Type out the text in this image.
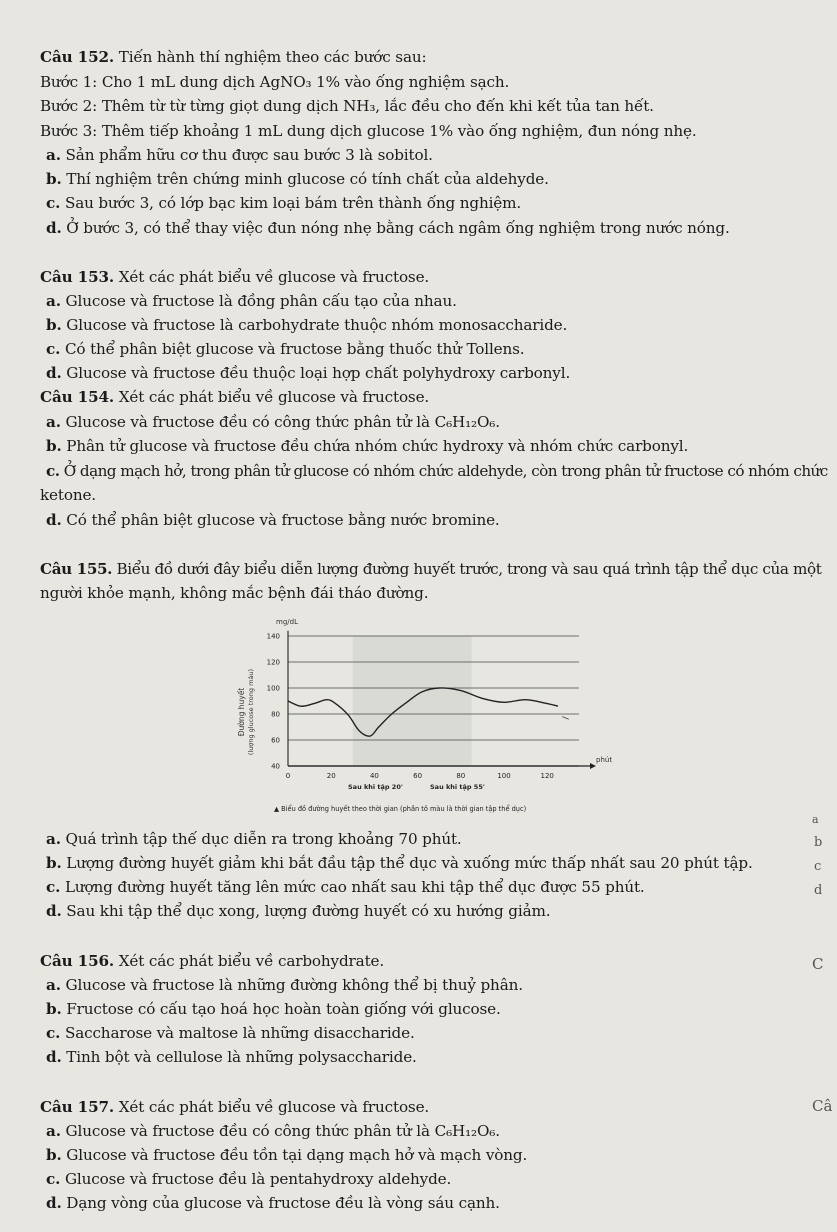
Câu 152. Tiến hành thí nghiệm theo các bước sau:
Bước 1: Cho 1 mL dung dịch AgNO₃ 1% vào ống nghiệm sạch.
Bước 2: Thêm từ từ từng giọt dung dịch NH₃, lắc đều cho đến khi kết tủa tan hết.
Bước 3: Thêm tiếp khoảng 1 mL dung dịch glucose 1% vào ống nghiệm, đun nóng nhẹ.
a. Sản phẩm hữu cơ thu được sau bước 3 là sobitol.
b. Thí nghiệm trên chứng minh glucose có tính chất của aldehyde.
c. Sau bước 3, có lớp bạc kim loại bám trên thành ống nghiệm.
d. Ở bước 3, có thể thay việc đun nóng nhẹ bằng cách ngâm ống nghiệm trong nước nóng.
Câu 153. Xét các phát biểu về glucose và fructose.
a. Glucose và fructose là đồng phân cấu tạo của nhau.
b. Glucose và fructose là carbohydrate thuộc nhóm monosaccharide.
c. Có thể phân biệt glucose và fructose bằng thuốc thử Tollens.
d. Glucose và fructose đều thuộc loại hợp chất polyhydroxy carbonyl.
Câu 154. Xét các phát biểu về glucose và fructose.
a. Glucose và fructose đều có công thức phân tử là C₆H₁₂O₆.
b. Phân tử glucose và fructose đều chứa nhóm chức hydroxy và nhóm chức carbonyl.
c. Ở dạng mạch hở, trong phân tử glucose có nhóm chức aldehyde, còn trong phân tử fructose có nhóm chức
ketone.
d. Có thể phân biệt glucose và fructose bằng nước bromine.
Câu 155. Biểu đồ dưới đây biểu diễn lượng đường huyết trước, trong và sau quá trình tập thể dục của một
người khỏe mạnh, không mắc bệnh đái tháo đường.
40
60
80
100
120
140
0	20	40	60	80	100	120
mg/dL
Đường huyết (lượng glucose trong máu)
phút
Sau khi tập 20'	Sau khi tập 55'
▲ Biểu đồ đường huyết theo thời gian (phần tô màu là thời gian tập thể dục)
a. Quá trình tập thế dục diễn ra trong khoảng 70 phút.
b. Lượng đường huyết giảm khi bắt đầu tập thể dục và xuống mức thấp nhất sau 20 phút tập.
c. Lượng đường huyết tăng lên mức cao nhất sau khi tập thể dục được 55 phút.
d. Sau khi tập thể dục xong, lượng đường huyết có xu hướng giảm.
Câu 156. Xét các phát biểu về carbohydrate.
a. Glucose và fructose là những đường không thể bị thuỷ phân.
b. Fructose có cấu tạo hoá học hoàn toàn giống với glucose.
c. Saccharose và maltose là những disaccharide.
d. Tinh bột và cellulose là những polysaccharide.
Câu 157. Xét các phát biểu về glucose và fructose.
a. Glucose và fructose đều có công thức phân tử là C₆H₁₂O₆.
b. Glucose và fructose đều tồn tại dạng mạch hở và mạch vòng.
c. Glucose và fructose đều là pentahydroxy aldehyde.
d. Dạng vòng của glucose và fructose đều là vòng sáu cạnh.
a
b
c
d
C
Câ
